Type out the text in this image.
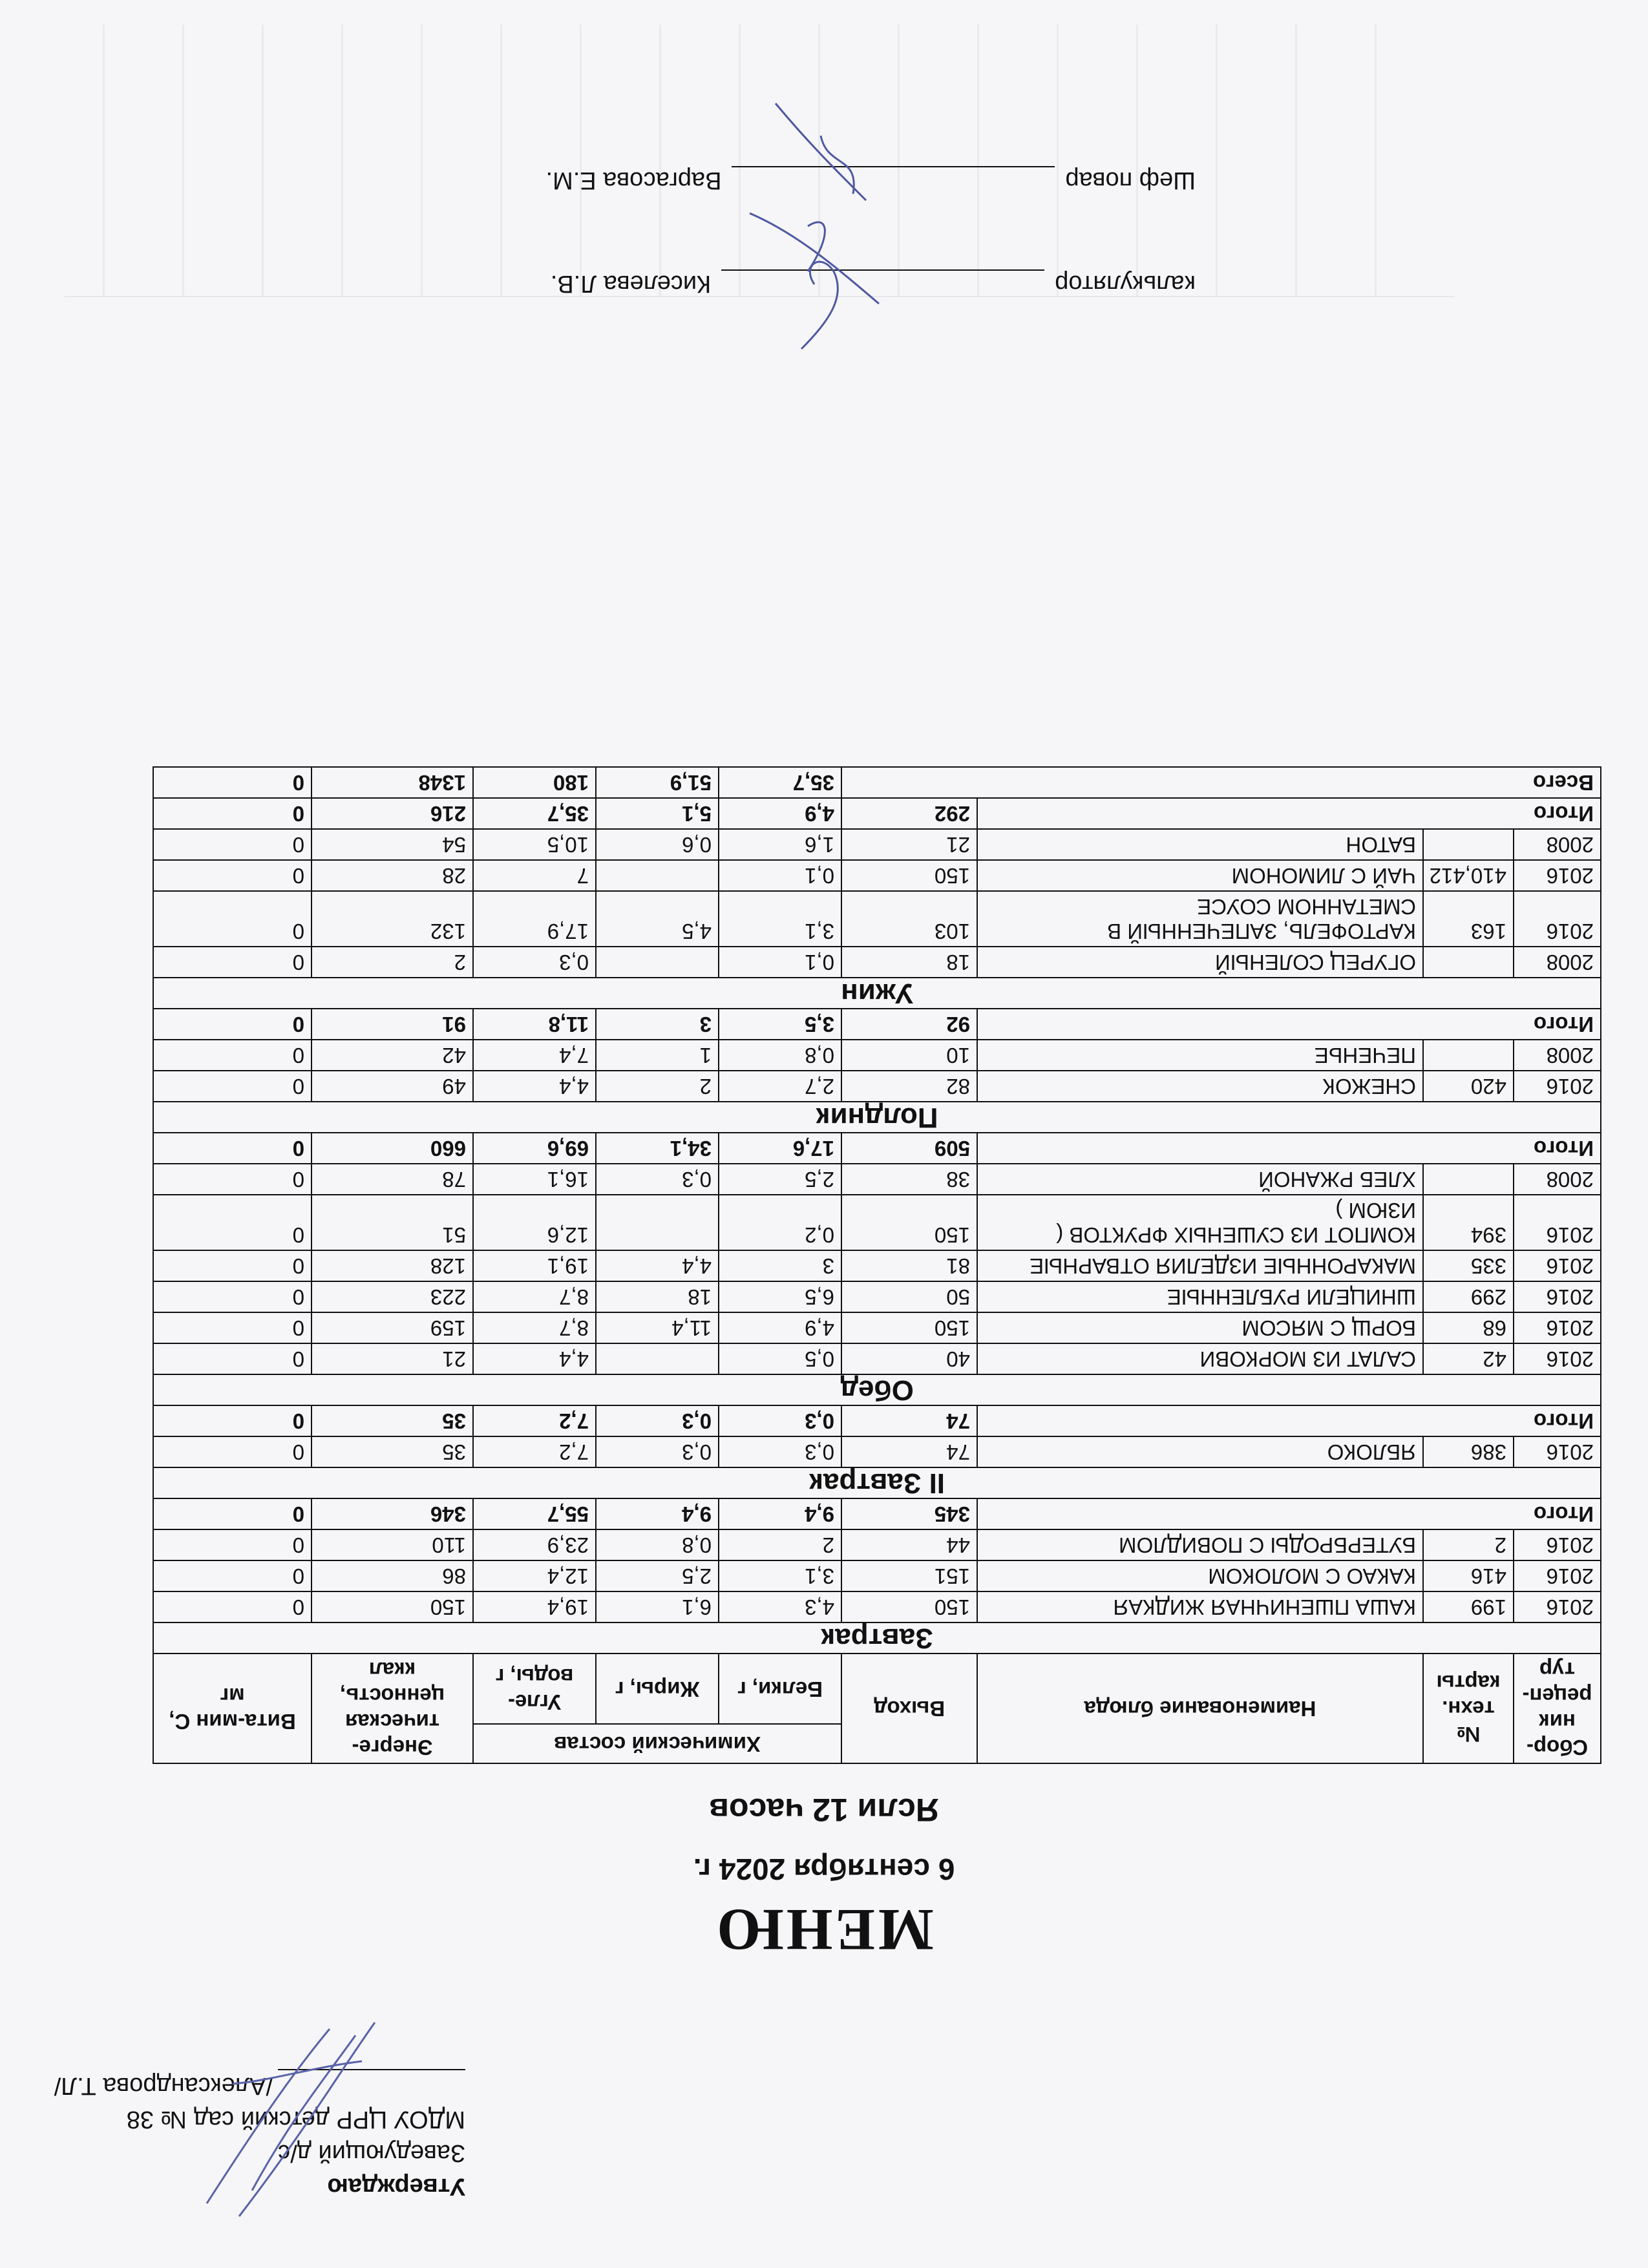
Утверждаю
Заведующий д/с
МДОУ ЦРР детский сад № 38
/Александрова Т.Л/
МЕНЮ
6 сентября 2024 г.
Ясли 12 часов
Сбор-ник рецеп-тур	№ техн. карты	Наименование блюда	Выход	Химический состав			Энерге-тическая ценность, ккал	Вита-мин С, мг
				Белки, г	Жиры, г	Угле-воды, г		
Завтрак								
2016	199	КАША ПШЕНИЧНАЯ ЖИДКАЯ	150	4,3	6,1	19,4	150	0
2016	416	КАКАО С МОЛОКОМ	151	3,1	2,5	12,4	86	0
2016	2	БУТЕРБРОДЫ С ПОВИДЛОМ	44	2	0,8	23,9	110	0
Итого			345	9,4	9,4	55,7	346	0
II Завтрак								
2016	386	ЯБЛОКО	74	0,3	0,3	7,2	35	0
Итого			74	0,3	0,3	7,2	35	0
Обед								
2016	42	САЛАТ ИЗ МОРКОВИ	40	0,5		4,4	21	0
2016	68	БОРЩ С МЯСОМ	150	4,9	11,4	8,7	159	0
2016	299	ШНИЦЕЛИ РУБЛЕННЫЕ	50	6,5	18	8,7	223	0
2016	335	МАКАРОННЫЕ ИЗДЕЛИЯ ОТВАРНЫЕ	81	3	4,4	19,1	128	0
2016	394	КОМПОТ ИЗ СУШЕНЫХ ФРУКТОВ ( ИЗЮМ )	150	0,2		12,6	51	0
2008		ХЛЕБ РЖАНОЙ	38	2,5	0,3	16,1	78	0
Итого			509	17,6	34,1	69,6	660	0
Полдник								
2016	420	СНЕЖОК	82	2,7	2	4,4	49	0
2008		ПЕЧЕНЬЕ	10	0,8	1	7,4	42	0
Итого			92	3,5	3	11,8	91	0
Ужин								
2008		ОГУРЕЦ СОЛЕНЫЙ	18	0,1		0,3	2	0
2016	163	КАРТОФЕЛЬ, ЗАПЕЧЕННЫЙ В СМЕТАННОМ СОУСЕ	103	3,1	4,5	17,9	132	0
2016	410,412	ЧАЙ С ЛИМОНОМ	150	0,1		7	28	0
2008		БАТОН	21	1,6	0,6	10,5	54	0
Итого			292	4,9	5,1	35,7	216	0
Всего				35,7	51,9	180	1348	0
калькуляторКиселева Л.В.
Шеф поварВаргасова Е.М.
